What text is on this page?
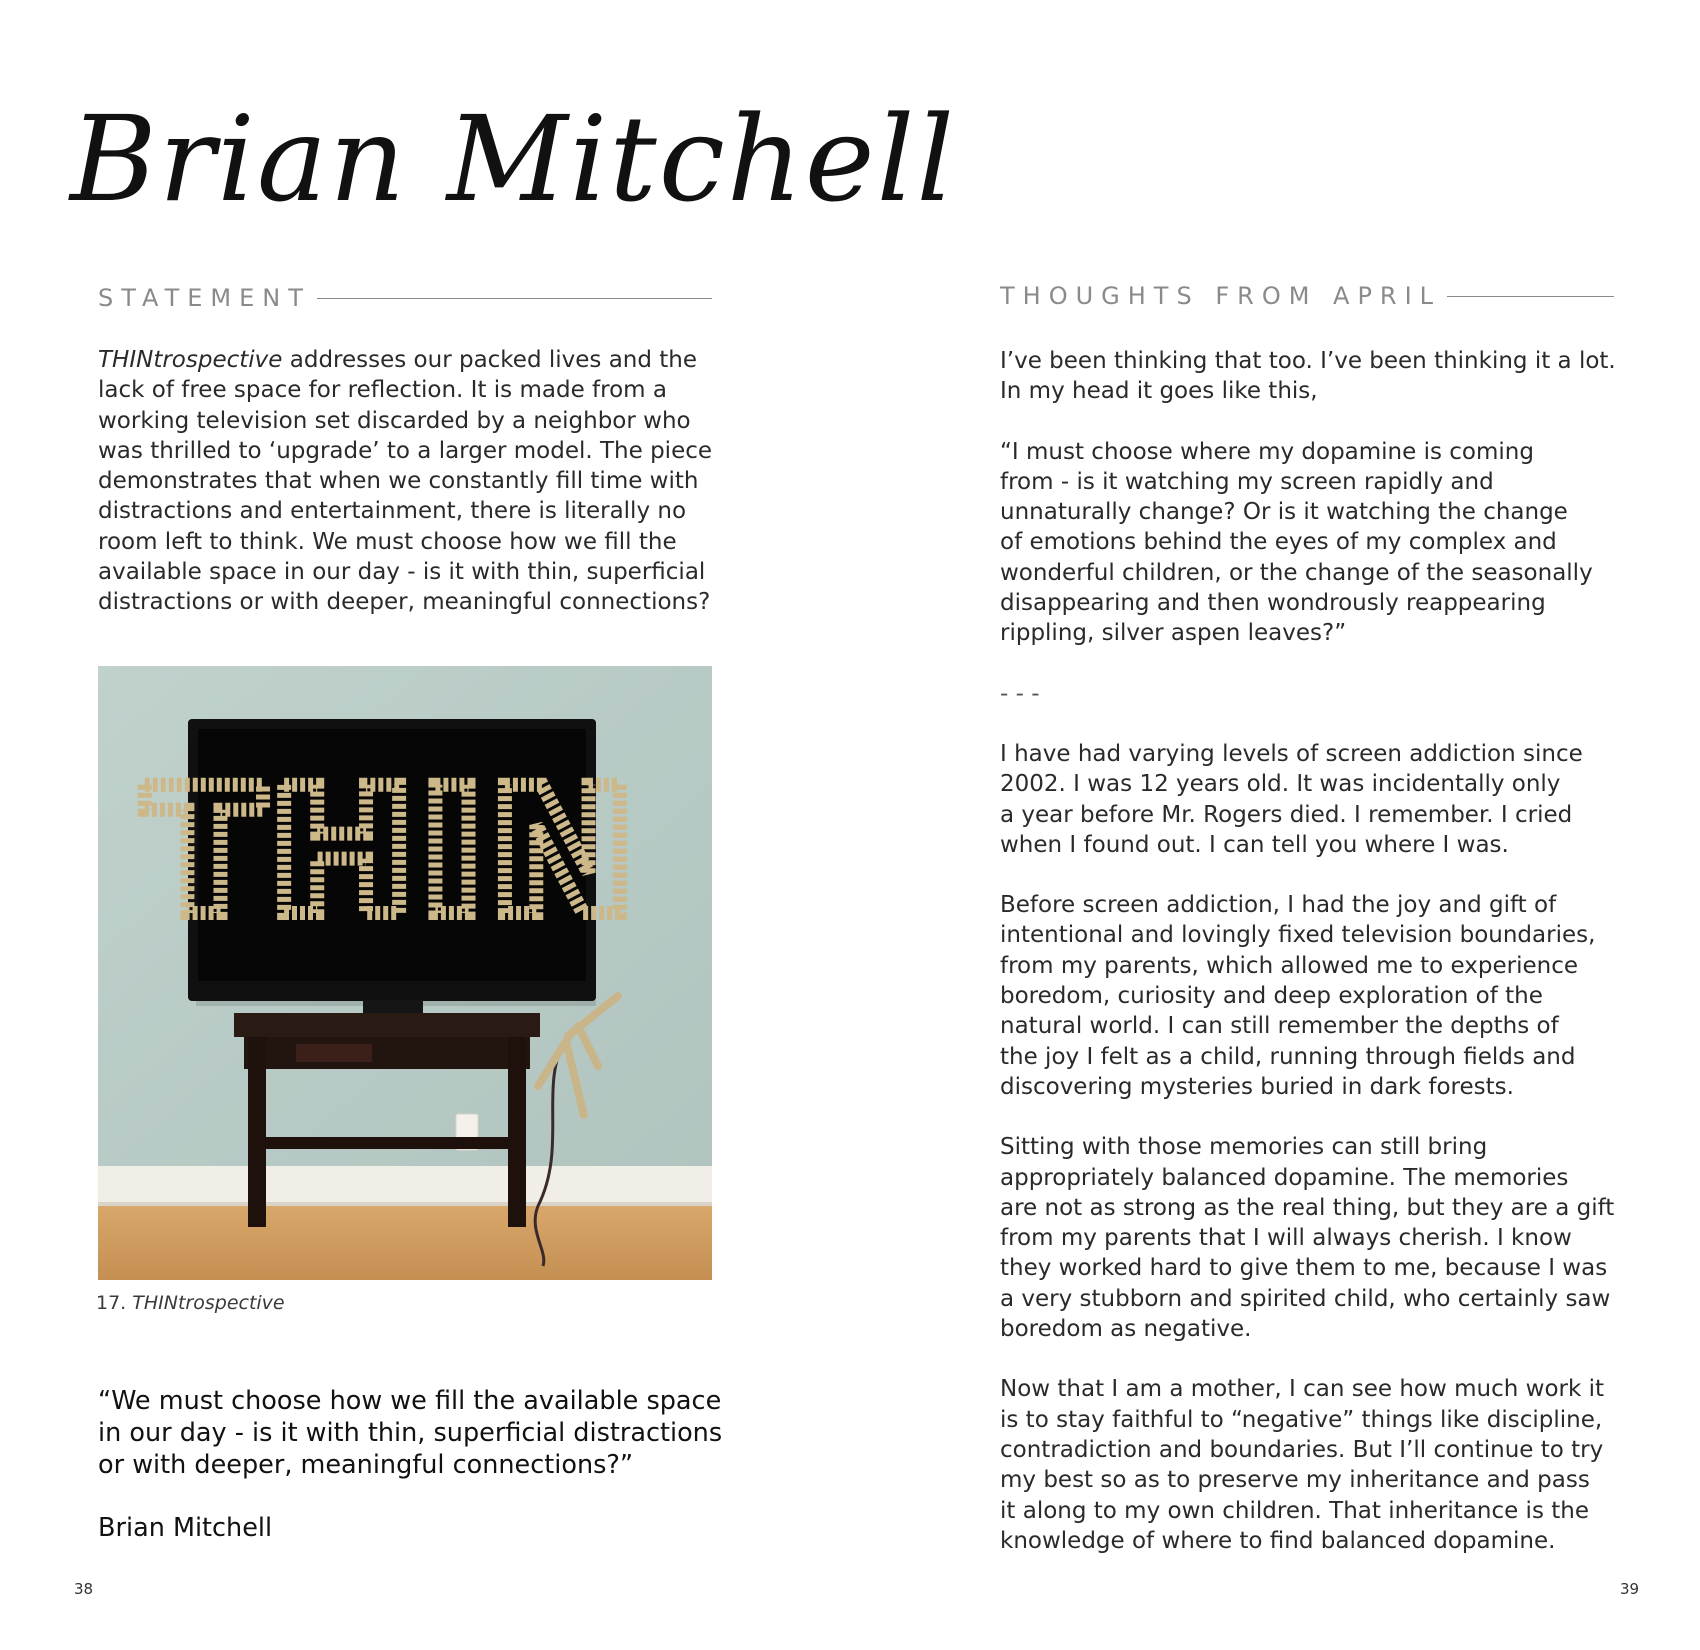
Brian Mitchell
STATEMENT

THINtrospective addresses our packed lives and the
lack of free space for reflection. It is made from a
working television set discarded by a neighbor who
was thrilled to ‘upgrade’ to a larger model. The piece
demonstrates that when we constantly fill time with
distractions and entertainment, there is literally no
room left to think. We must choose how we fill the
available space in our day - is it with thin, superficial
distractions or with deeper, meaningful connections?

THIN
17. THINtrospective
“We must choose how we fill the available space
in our day - is it with thin, superficial distractions
or with deeper, meaningful connections?”
Brian Mitchell
THOUGHTS FROM APRIL

I’ve been thinking that too. I’ve been thinking it a lot.
In my head it goes like this,

“I must choose where my dopamine is coming
from - is it watching my screen rapidly and
unnaturally change? Or is it watching the change
of emotions behind the eyes of my complex and
wonderful children, or the change of the seasonally
disappearing and then wondrously reappearing
rippling, silver aspen leaves?”

- - -

I have had varying levels of screen addiction since
2002. I was 12 years old. It was incidentally only
a year before Mr. Rogers died. I remember. I cried
when I found out. I can tell you where I was.

Before screen addiction, I had the joy and gift of
intentional and lovingly fixed television boundaries,
from my parents, which allowed me to experience
boredom, curiosity and deep exploration of the
natural world. I can still remember the depths of
the joy I felt as a child, running through fields and
discovering mysteries buried in dark forests.

Sitting with those memories can still bring
appropriately balanced dopamine. The memories
are not as strong as the real thing, but they are a gift
from my parents that I will always cherish. I know
they worked hard to give them to me, because I was
a very stubborn and spirited child, who certainly saw
boredom as negative.

Now that I am a mother, I can see how much work it
is to stay faithful to “negative” things like discipline,
contradiction and boundaries. But I’ll continue to try
my best so as to preserve my inheritance and pass
it along to my own children. That inheritance is the
knowledge of where to find balanced dopamine.

38	39
